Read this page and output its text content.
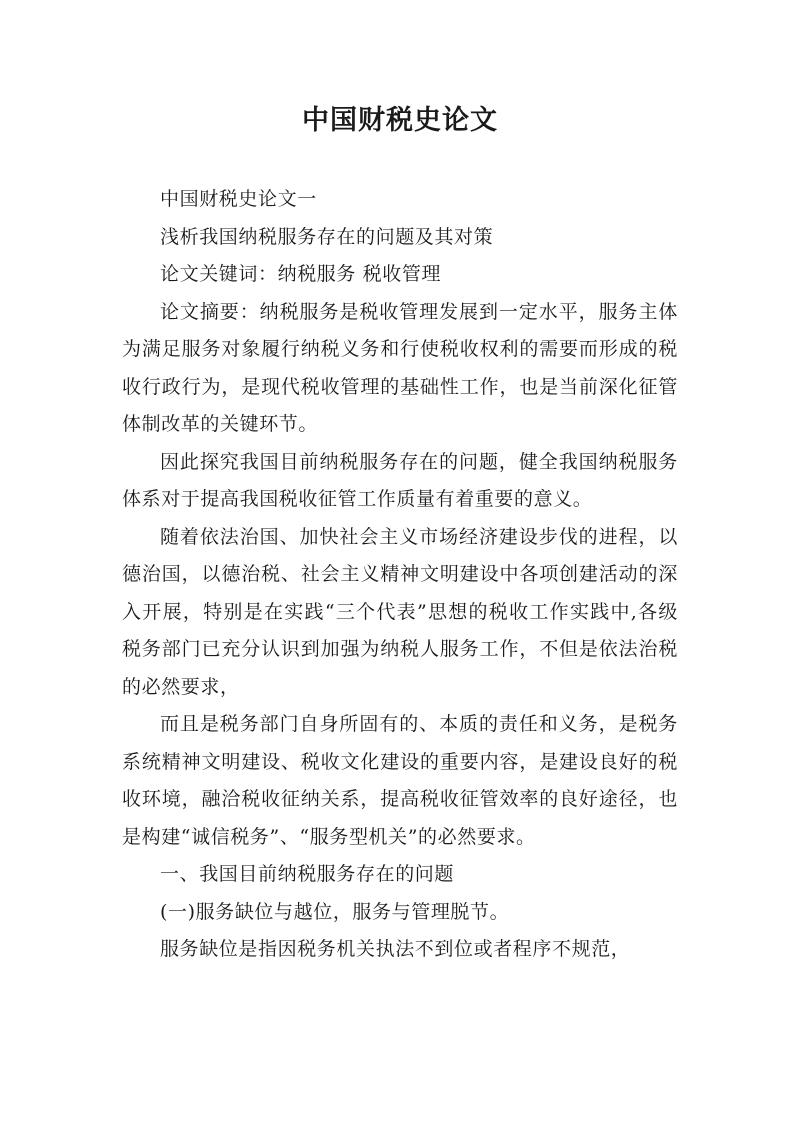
中国财税史论文

中国财税史论文一

浅析我国纳税服务存在的问题及其对策

论文关键词：纳税服务 税收管理

论文摘要：纳税服务是税收管理发展到一定水平，服务主体为满足服务对象履行纳税义务和行使税收权利的需要而形成的税收行政行为，是现代税收管理的基础性工作，也是当前深化征管体制改革的关键环节。

因此探究我国目前纳税服务存在的问题，健全我国纳税服务体系对于提高我国税收征管工作质量有着重要的意义。

随着依法治国、加快社会主义市场经济建设步伐的进程，以德治国，以德治税、社会主义精神文明建设中各项创建活动的深入开展，特别是在实践“三个代表”思想的税收工作实践中,各级税务部门已充分认识到加强为纳税人服务工作，不但是依法治税的必然要求，

而且是税务部门自身所固有的、本质的责任和义务，是税务系统精神文明建设、税收文化建设的重要内容，是建设良好的税收环境，融洽税收征纳关系，提高税收征管效率的良好途径，也是构建“诚信税务”、“服务型机关”的必然要求。

一、我国目前纳税服务存在的问题

(一)服务缺位与越位，服务与管理脱节。

服务缺位是指因税务机关执法不到位或者程序不规范，
